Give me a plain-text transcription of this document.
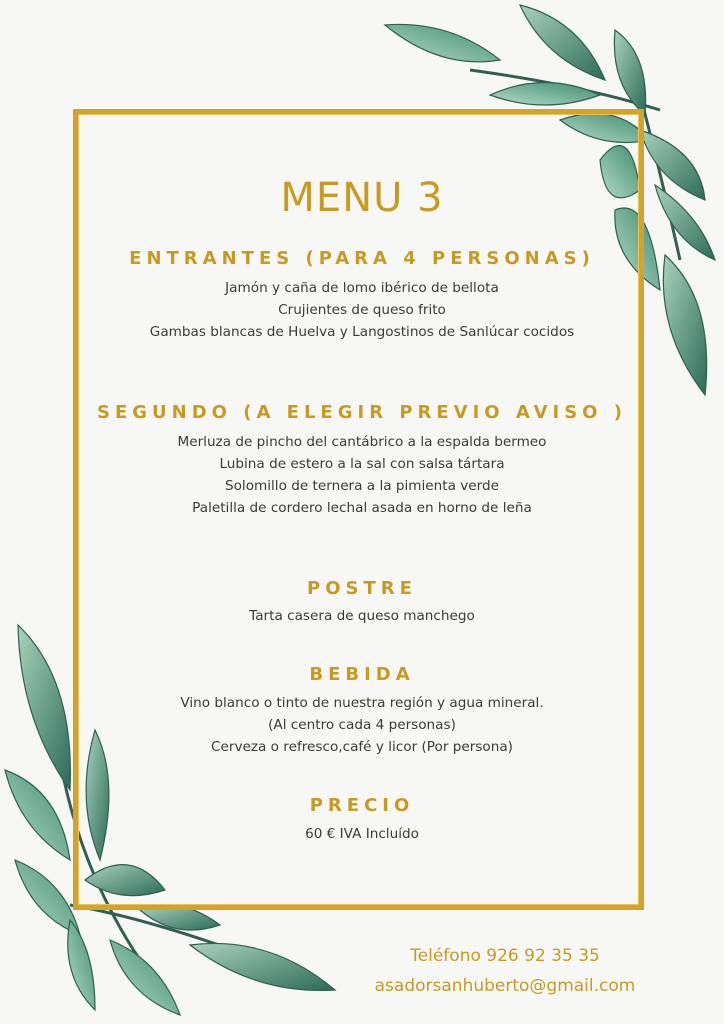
MENU 3
ENTRANTES (PARA 4 PERSONAS)
Jamón y caña de lomo ibérico de bellota
Crujientes de queso frito
Gambas blancas de Huelva y Langostinos de Sanlúcar cocidos
SEGUNDO (A ELEGIR PREVIO AVISO )
Merluza de pincho del cantábrico a la espalda bermeo
Lubina de estero a la sal con salsa tártara
Solomillo de ternera a la pimienta verde
Paletilla de cordero lechal asada en horno de leña
POSTRE
Tarta casera de queso manchego
BEBIDA
Vino blanco o tinto de nuestra región y agua mineral.
(Al centro cada 4 personas)
Cerveza o refresco,café y licor (Por persona)
PRECIO
60 € IVA Incluído
Teléfono 926 92 35 35
asadorsanhuberto@gmail.com
